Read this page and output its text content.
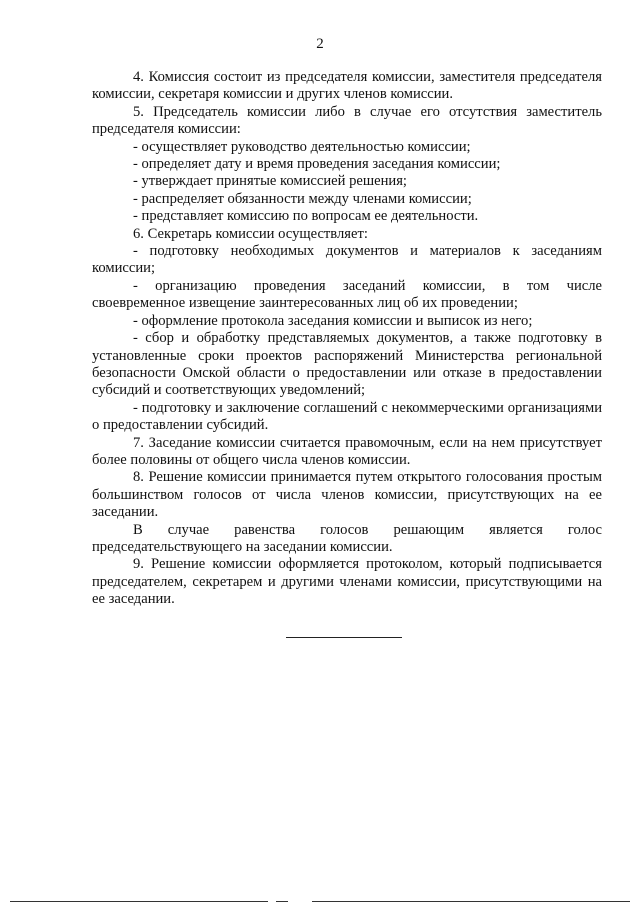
2

4. Комиссия состоит из председателя комиссии, заместителя председателя комиссии, секретаря комиссии и других членов комиссии.

5. Председатель комиссии либо в случае его отсутствия заместитель председателя комиссии:

- осуществляет руководство деятельностью комиссии;

- определяет дату и время проведения заседания комиссии;

- утверждает принятые комиссией решения;

- распределяет обязанности между членами комиссии;

- представляет комиссию по вопросам ее деятельности.

6. Секретарь комиссии осуществляет:

- подготовку необходимых документов и материалов к заседаниям комиссии;

- организацию проведения заседаний комиссии, в том числе своевременное извещение заинтересованных лиц об их проведении;

- оформление протокола заседания комиссии и выписок из него;

- сбор и обработку представляемых документов, а также подготовку в установленные сроки проектов распоряжений Министерства региональной безопасности Омской области о предоставлении или отказе в предоставлении субсидий и соответствующих уведомлений;

- подготовку и заключение соглашений с некоммерческими организациями о предоставлении субсидий.

7. Заседание комиссии считается правомочным, если на нем присутствует более половины от общего числа членов комиссии.

8. Решение комиссии принимается путем открытого голосования простым большинством голосов от числа членов комиссии, присутствующих на ее заседании.

В случае равенства голосов решающим является голос председательствующего на заседании комиссии.

9. Решение комиссии оформляется протоколом, который подписывается председателем, секретарем и другими членами комиссии, присутствующими на ее заседании.
